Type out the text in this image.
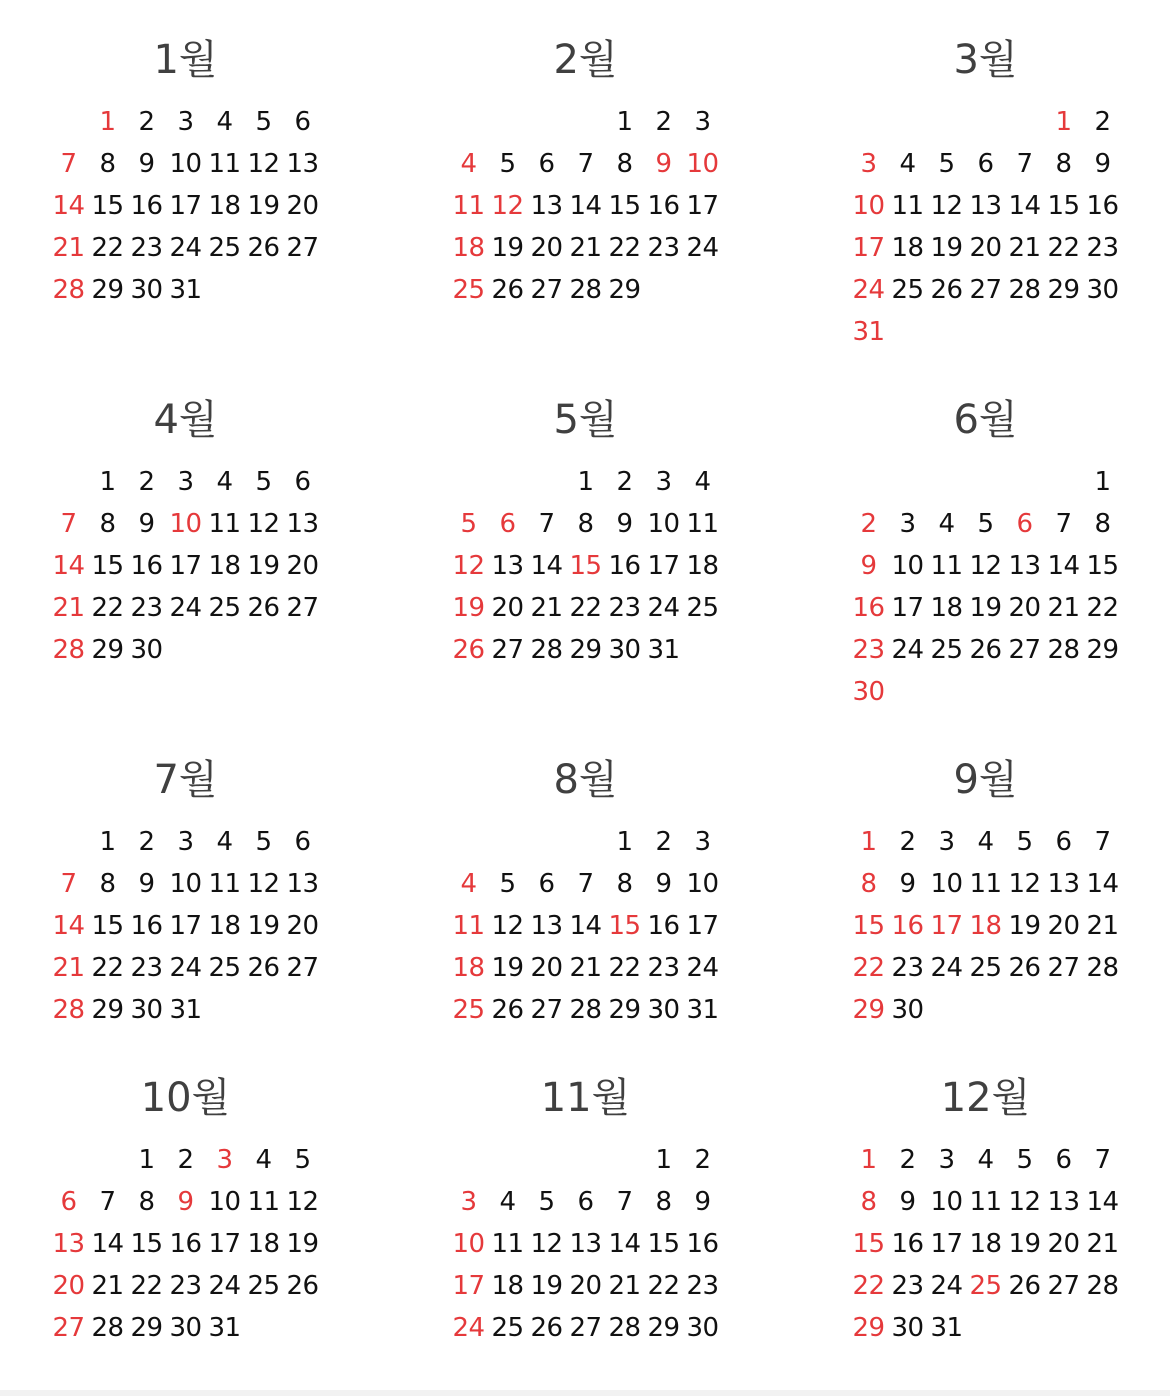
1월
1 2 3 4 5 6
7 8 9 10 11 12 13
14 15 16 17 18 19 20
21 22 23 24 25 26 27
28 29 30 31
2월
1 2 3
4 5 6 7 8 9 10
11 12 13 14 15 16 17
18 19 20 21 22 23 24
25 26 27 28 29
3월
1 2
3 4 5 6 7 8 9
10 11 12 13 14 15 16
17 18 19 20 21 22 23
24 25 26 27 28 29 30
31
4월
1 2 3 4 5 6
7 8 9 10 11 12 13
14 15 16 17 18 19 20
21 22 23 24 25 26 27
28 29 30
5월
1 2 3 4
5 6 7 8 9 10 11
12 13 14 15 16 17 18
19 20 21 22 23 24 25
26 27 28 29 30 31
6월
1
2 3 4 5 6 7 8
9 10 11 12 13 14 15
16 17 18 19 20 21 22
23 24 25 26 27 28 29
30
7월
1 2 3 4 5 6
7 8 9 10 11 12 13
14 15 16 17 18 19 20
21 22 23 24 25 26 27
28 29 30 31
8월
1 2 3
4 5 6 7 8 9 10
11 12 13 14 15 16 17
18 19 20 21 22 23 24
25 26 27 28 29 30 31
9월
1 2 3 4 5 6 7
8 9 10 11 12 13 14
15 16 17 18 19 20 21
22 23 24 25 26 27 28
29 30
10월
1 2 3 4 5
6 7 8 9 10 11 12
13 14 15 16 17 18 19
20 21 22 23 24 25 26
27 28 29 30 31
11월
1 2
3 4 5 6 7 8 9
10 11 12 13 14 15 16
17 18 19 20 21 22 23
24 25 26 27 28 29 30
12월
1 2 3 4 5 6 7
8 9 10 11 12 13 14
15 16 17 18 19 20 21
22 23 24 25 26 27 28
29 30 31
